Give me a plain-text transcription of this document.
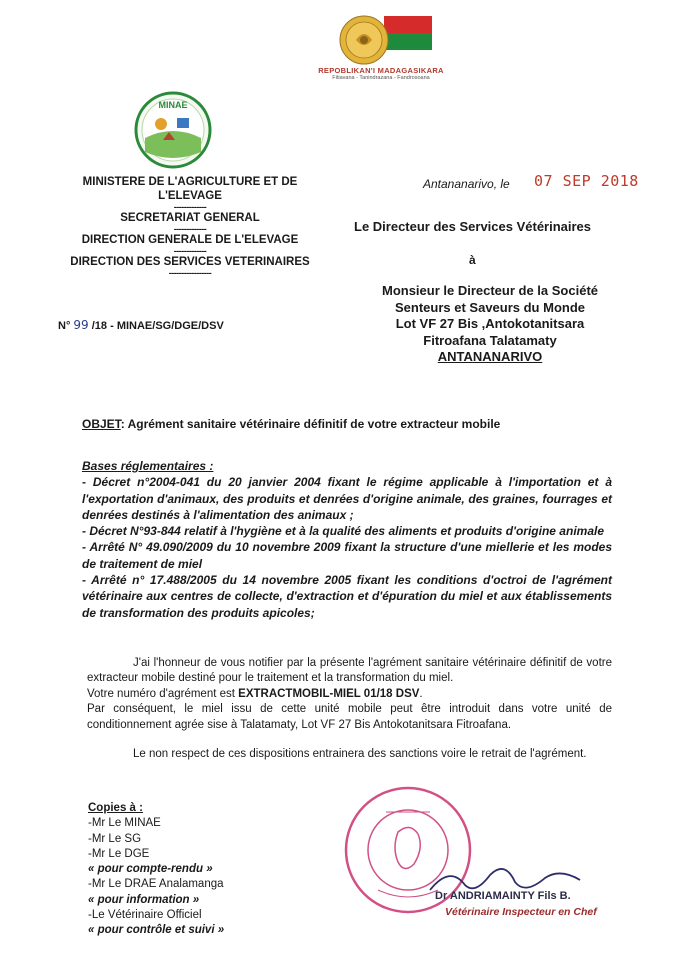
REPOBLIKAN'I MADAGASIKARA
Fitiavana - Tanindrazana - Fandrosoana
MINAE
MINISTERE DE L'AGRICULTURE ET DE L'ELEVAGE
-------------
SECRETARIAT GENERAL
-------------
DIRECTION GENERALE DE L'ELEVAGE
-------------
DIRECTION DES SERVICES VETERINAIRES
-----------------
N° 99 /18 - MINAE/SG/DGE/DSV
Antananarivo, le 07 SEP 2018
Le Directeur des Services Vétérinaires
à
Monsieur le Directeur de la Société
Senteurs et Saveurs du Monde
Lot VF 27 Bis ,Antokotanitsara
Fitroafana Talatamaty
ANTANANARIVO
OBJET: Agrément sanitaire vétérinaire définitif de votre extracteur mobile
Bases réglementaires :
- Décret n°2004-041 du 20 janvier 2004 fixant le régime applicable à l'importation et à l'exportation d'animaux, des produits et denrées d'origine animale, des graines, fourrages et denrées destinés à l'alimentation des animaux ;
- Décret N°93-844 relatif à l'hygiène et à la qualité des aliments et produits d'origine animale
- Arrêté N° 49.090/2009 du 10 novembre 2009 fixant la structure d'une miellerie et les modes de traitement de miel
- Arrêté n° 17.488/2005 du 14 novembre 2005 fixant les conditions d'octroi de l'agrément vétérinaire aux centres de collecte, d'extraction et d'épuration du miel et aux établissements de transformation des produits apicoles;

J'ai l'honneur de vous notifier par la présente l'agrément sanitaire vétérinaire définitif de votre extracteur mobile destiné pour le traitement et la transformation du miel.

Votre numéro d'agrément est EXTRACTMOBIL-MIEL 01/18 DSV.

Par conséquent, le miel issu de cette unité mobile peut être introduit dans votre unité de conditionnement agrée sise à Talatamaty, Lot VF 27 Bis Antokotanitsara Fitroafana.

Le non respect de ces dispositions entrainera des sanctions voire le retrait de l'agrément.

Copies à :
-Mr Le MINAE
-Mr Le SG
-Mr Le DGE
« pour compte-rendu »
-Mr Le DRAE Analamanga
« pour information »
-Le Vétérinaire Officiel
« pour contrôle et suivi »
Dr ANDRIAMAINTY Fils B.
Vétérinaire Inspecteur en Chef
